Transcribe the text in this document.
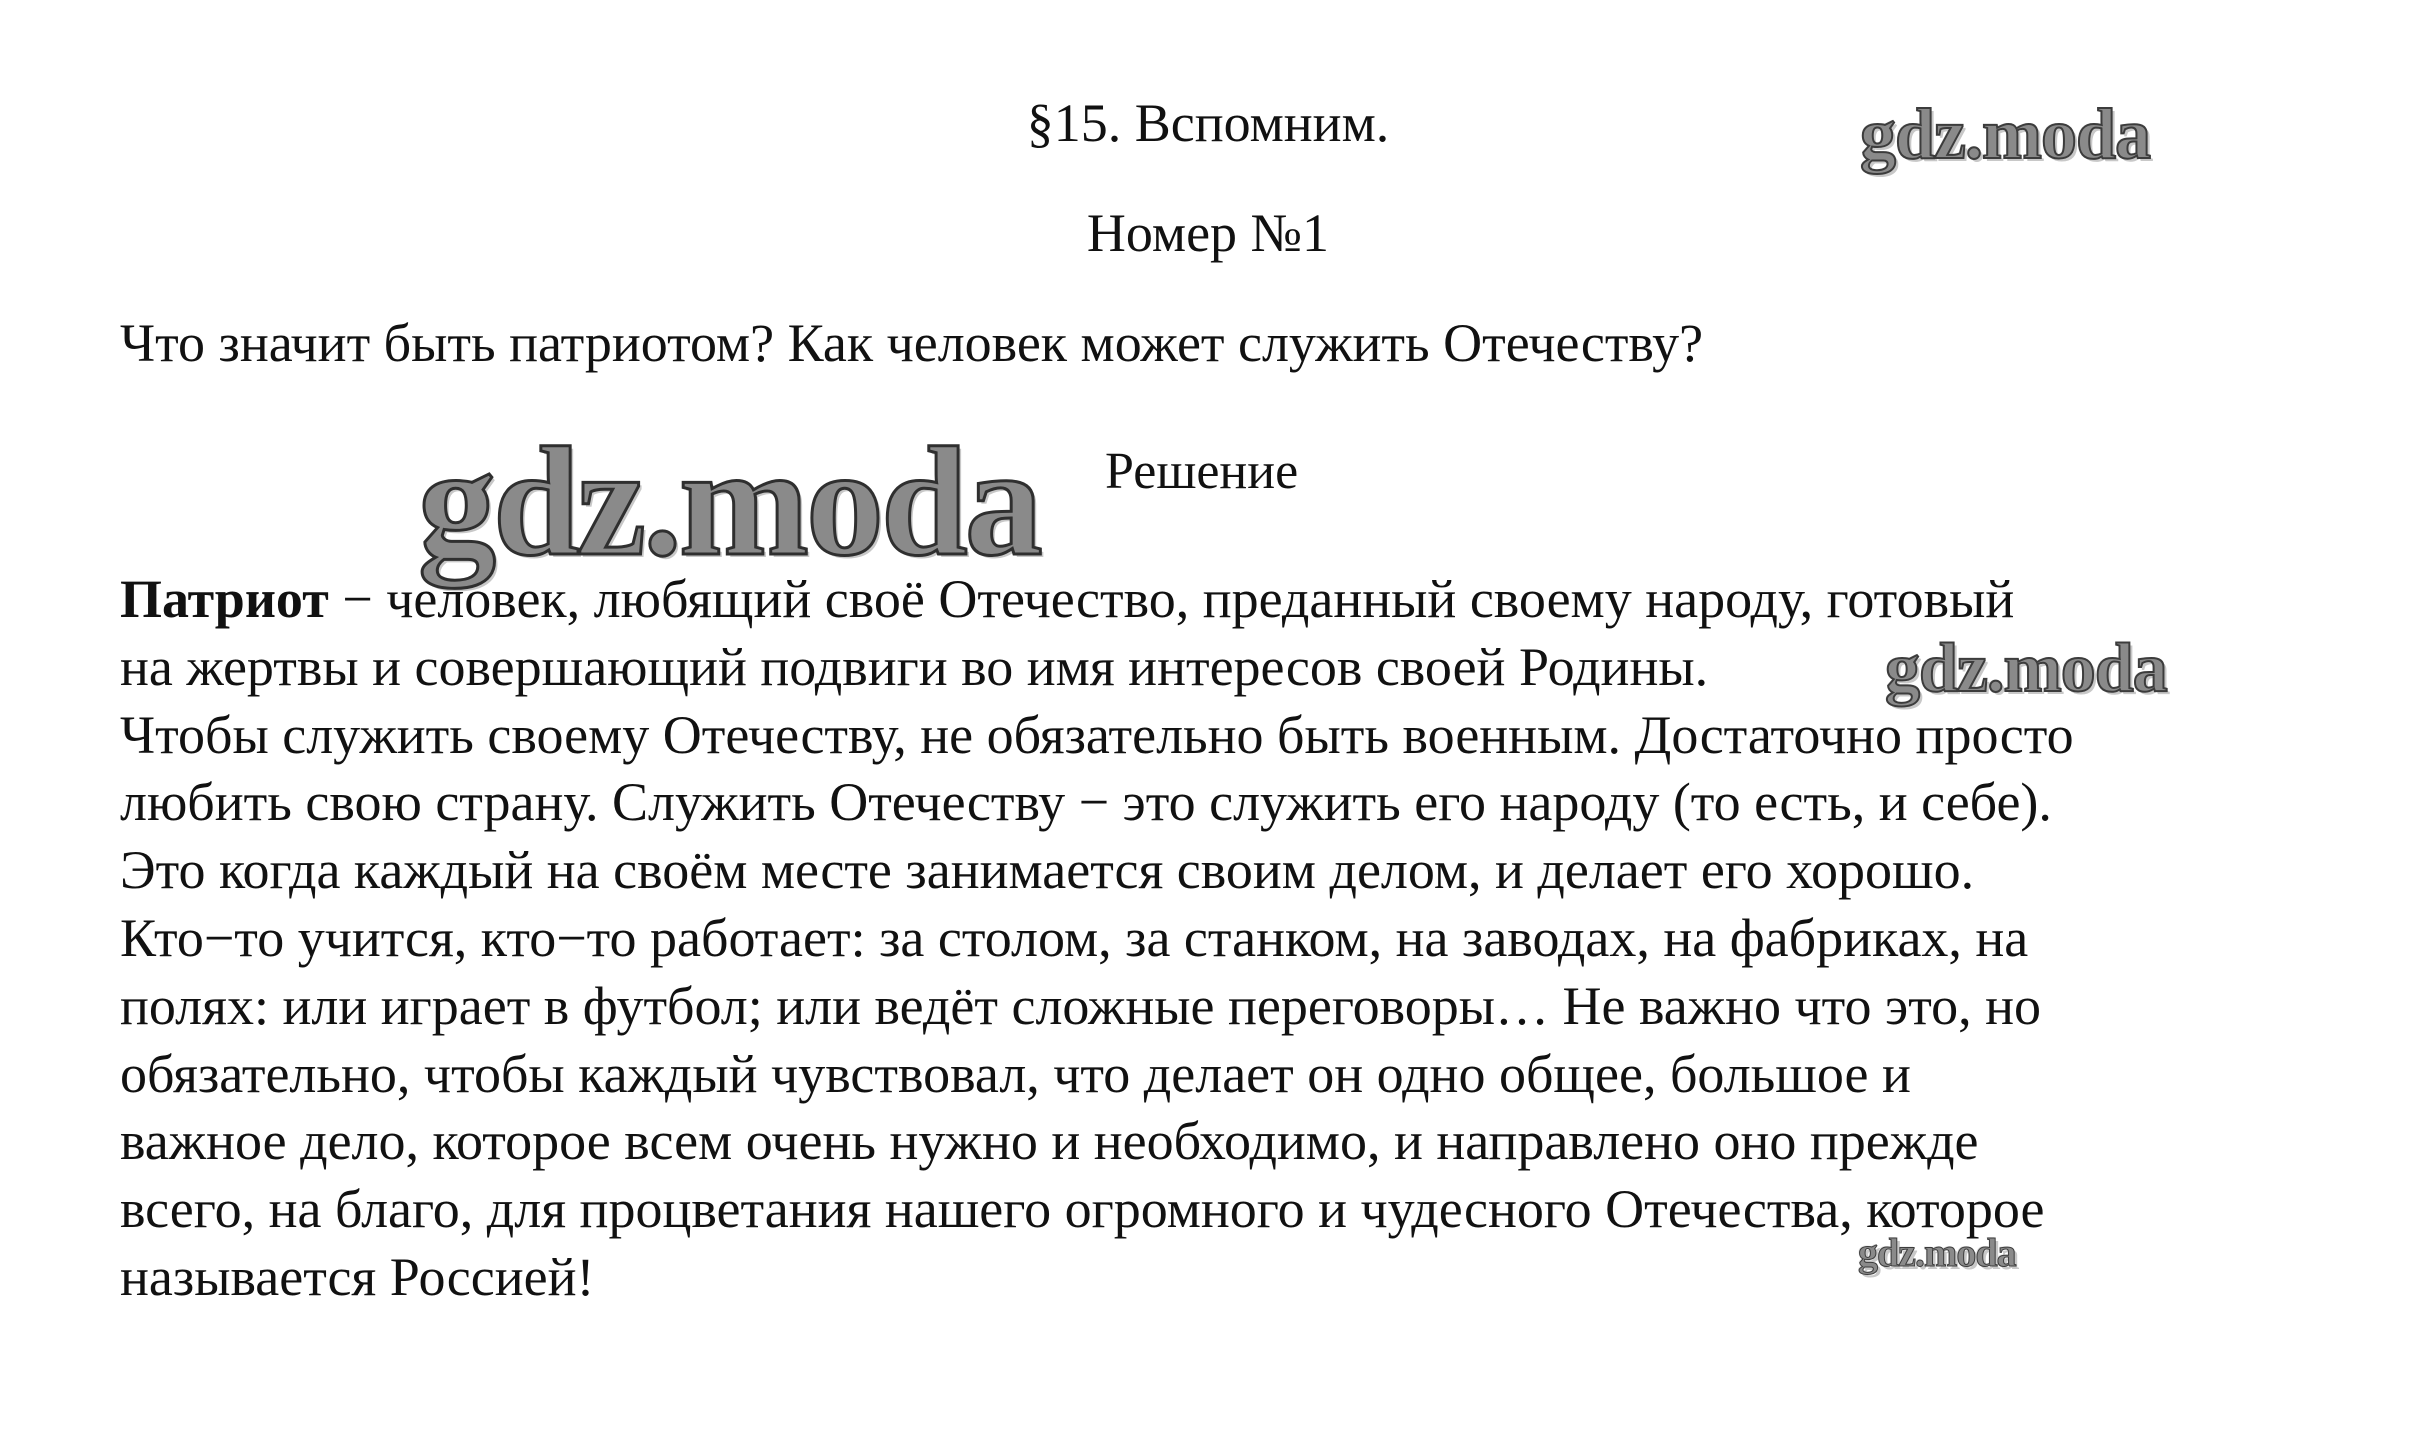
§15. Вспомним.
Номер №1
Что значит быть патриотом? Как человек может служить Отечеству?
Решение
Патриот − человек, любящий своё Отечество, преданный своему народу, готовый
на жертвы и совершающий подвиги во имя интересов своей Родины.
Чтобы служить своему Отечеству, не обязательно быть военным. Достаточно просто
любить свою страну. Служить Отечеству − это служить его народу (то есть, и себе).
Это когда каждый на своём месте занимается своим делом, и делает его хорошо.
Кто−то учится, кто−то работает: за столом, за станком, на заводах, на фабриках, на
полях: или играет в футбол; или ведёт сложные переговоры… Не важно что это, но
обязательно, чтобы каждый чувствовал, что делает он одно общее, большое и
важное дело, которое всем очень нужно и необходимо, и направлено оно прежде
всего, на благо, для процветания нашего огромного и чудесного Отечества, которое
называется Россией!
gdz.moda
gdz.moda
gdz.moda
gdz.moda
